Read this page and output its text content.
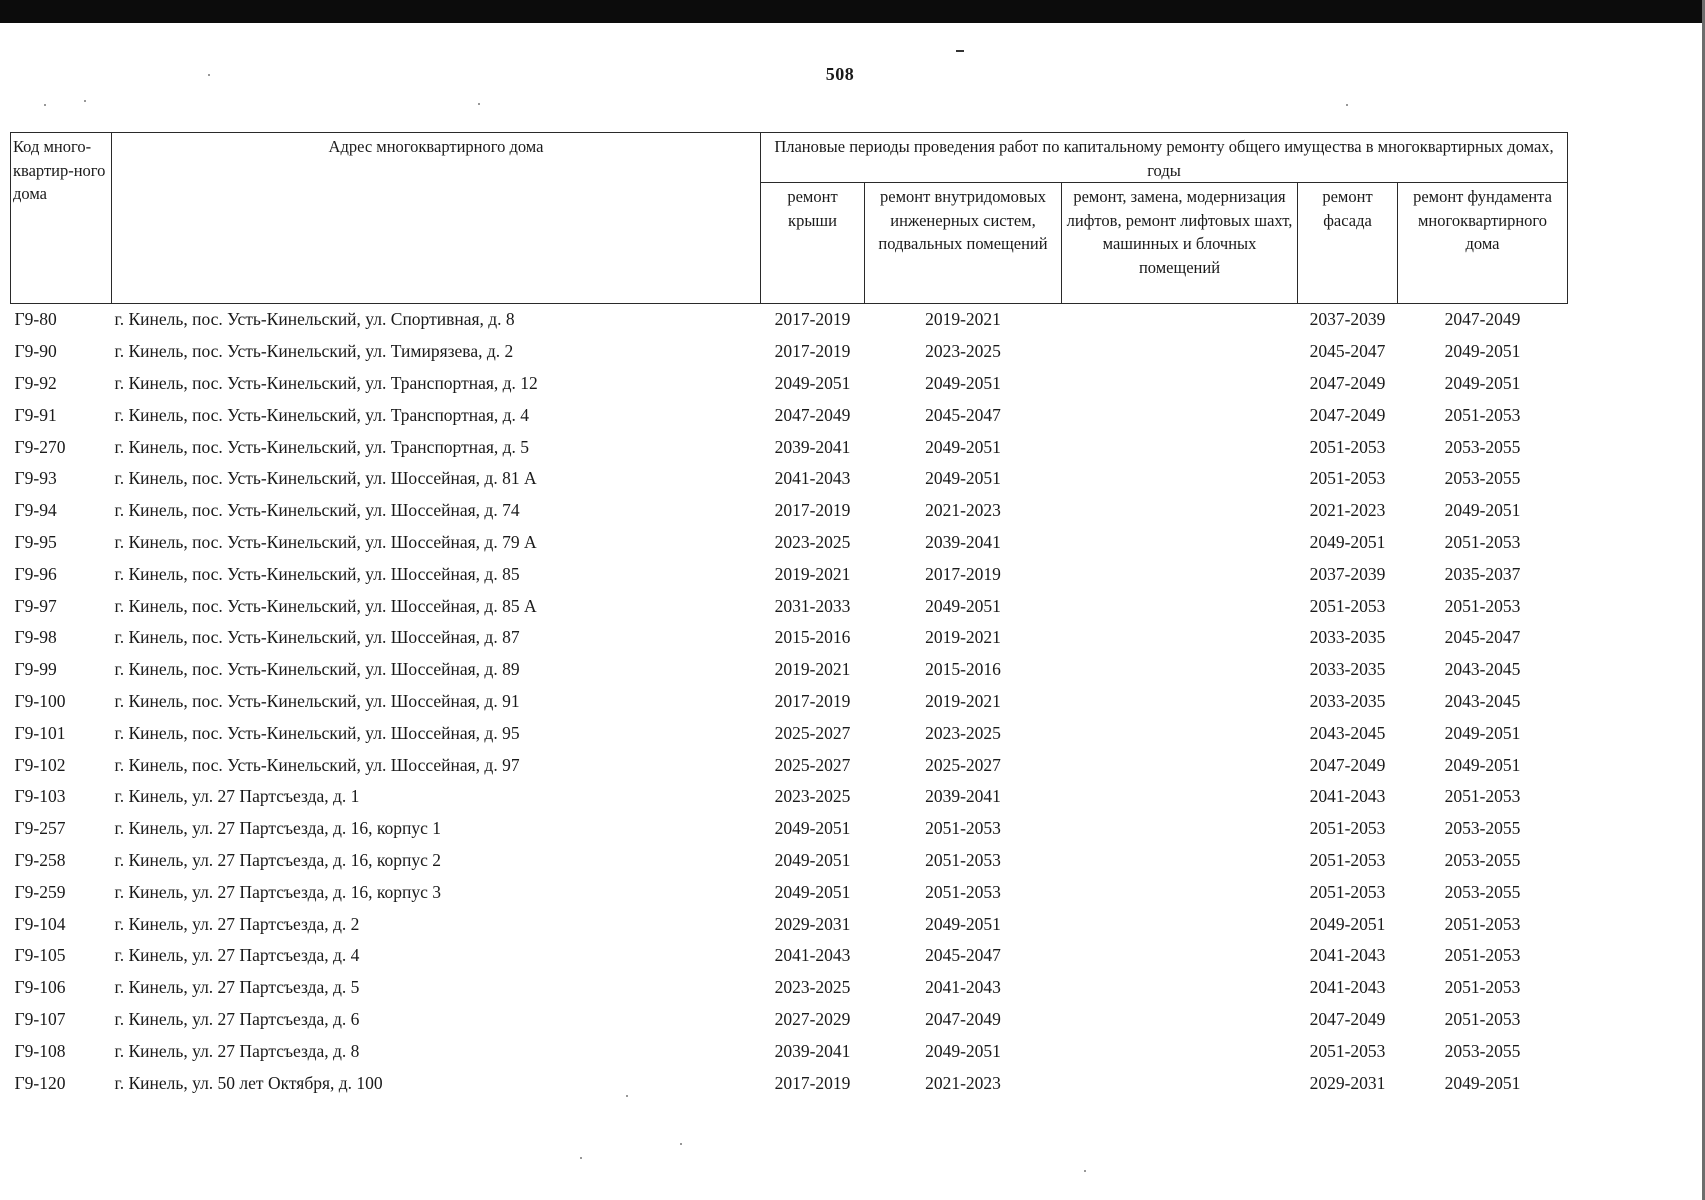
508
Код много-квартир-ного дома	Адрес многоквартирного дома	Плановые периоды проведения работ по капитальному ремонту общего имущества в многоквартирных домах, годы				
		ремонт крыши	ремонт внутридомовых инженерных систем, подвальных помещений	ремонт, замена, модернизация лифтов, ремонт лифтовых шахт, машинных и блочных помещений	ремонт фасада	ремонт фундамента многоквартирного дома
Г9-80	г. Кинель, пос. Усть-Кинельский, ул. Спортивная, д. 8	2017-2019	2019-2021		2037-2039	2047-2049
Г9-90	г. Кинель, пос. Усть-Кинельский, ул. Тимирязева, д. 2	2017-2019	2023-2025		2045-2047	2049-2051
Г9-92	г. Кинель, пос. Усть-Кинельский, ул. Транспортная, д. 12	2049-2051	2049-2051		2047-2049	2049-2051
Г9-91	г. Кинель, пос. Усть-Кинельский, ул. Транспортная, д. 4	2047-2049	2045-2047		2047-2049	2051-2053
Г9-270	г. Кинель, пос. Усть-Кинельский, ул. Транспортная, д. 5	2039-2041	2049-2051		2051-2053	2053-2055
Г9-93	г. Кинель, пос. Усть-Кинельский, ул. Шоссейная, д. 81 А	2041-2043	2049-2051		2051-2053	2053-2055
Г9-94	г. Кинель, пос. Усть-Кинельский, ул. Шоссейная, д. 74	2017-2019	2021-2023		2021-2023	2049-2051
Г9-95	г. Кинель, пос. Усть-Кинельский, ул. Шоссейная, д. 79 А	2023-2025	2039-2041		2049-2051	2051-2053
Г9-96	г. Кинель, пос. Усть-Кинельский, ул. Шоссейная, д. 85	2019-2021	2017-2019		2037-2039	2035-2037
Г9-97	г. Кинель, пос. Усть-Кинельский, ул. Шоссейная, д. 85 А	2031-2033	2049-2051		2051-2053	2051-2053
Г9-98	г. Кинель, пос. Усть-Кинельский, ул. Шоссейная, д. 87	2015-2016	2019-2021		2033-2035	2045-2047
Г9-99	г. Кинель, пос. Усть-Кинельский, ул. Шоссейная, д. 89	2019-2021	2015-2016		2033-2035	2043-2045
Г9-100	г. Кинель, пос. Усть-Кинельский, ул. Шоссейная, д. 91	2017-2019	2019-2021		2033-2035	2043-2045
Г9-101	г. Кинель, пос. Усть-Кинельский, ул. Шоссейная, д. 95	2025-2027	2023-2025		2043-2045	2049-2051
Г9-102	г. Кинель, пос. Усть-Кинельский, ул. Шоссейная, д. 97	2025-2027	2025-2027		2047-2049	2049-2051
Г9-103	г. Кинель, ул. 27 Партсъезда, д. 1	2023-2025	2039-2041		2041-2043	2051-2053
Г9-257	г. Кинель, ул. 27 Партсъезда, д. 16, корпус 1	2049-2051	2051-2053		2051-2053	2053-2055
Г9-258	г. Кинель, ул. 27 Партсъезда, д. 16, корпус 2	2049-2051	2051-2053		2051-2053	2053-2055
Г9-259	г. Кинель, ул. 27 Партсъезда, д. 16, корпус 3	2049-2051	2051-2053		2051-2053	2053-2055
Г9-104	г. Кинель, ул. 27 Партсъезда, д. 2	2029-2031	2049-2051		2049-2051	2051-2053
Г9-105	г. Кинель, ул. 27 Партсъезда, д. 4	2041-2043	2045-2047		2041-2043	2051-2053
Г9-106	г. Кинель, ул. 27 Партсъезда, д. 5	2023-2025	2041-2043		2041-2043	2051-2053
Г9-107	г. Кинель, ул. 27 Партсъезда, д. 6	2027-2029	2047-2049		2047-2049	2051-2053
Г9-108	г. Кинель, ул. 27 Партсъезда, д. 8	2039-2041	2049-2051		2051-2053	2053-2055
Г9-120	г. Кинель, ул. 50 лет Октября, д. 100	2017-2019	2021-2023		2029-2031	2049-2051
